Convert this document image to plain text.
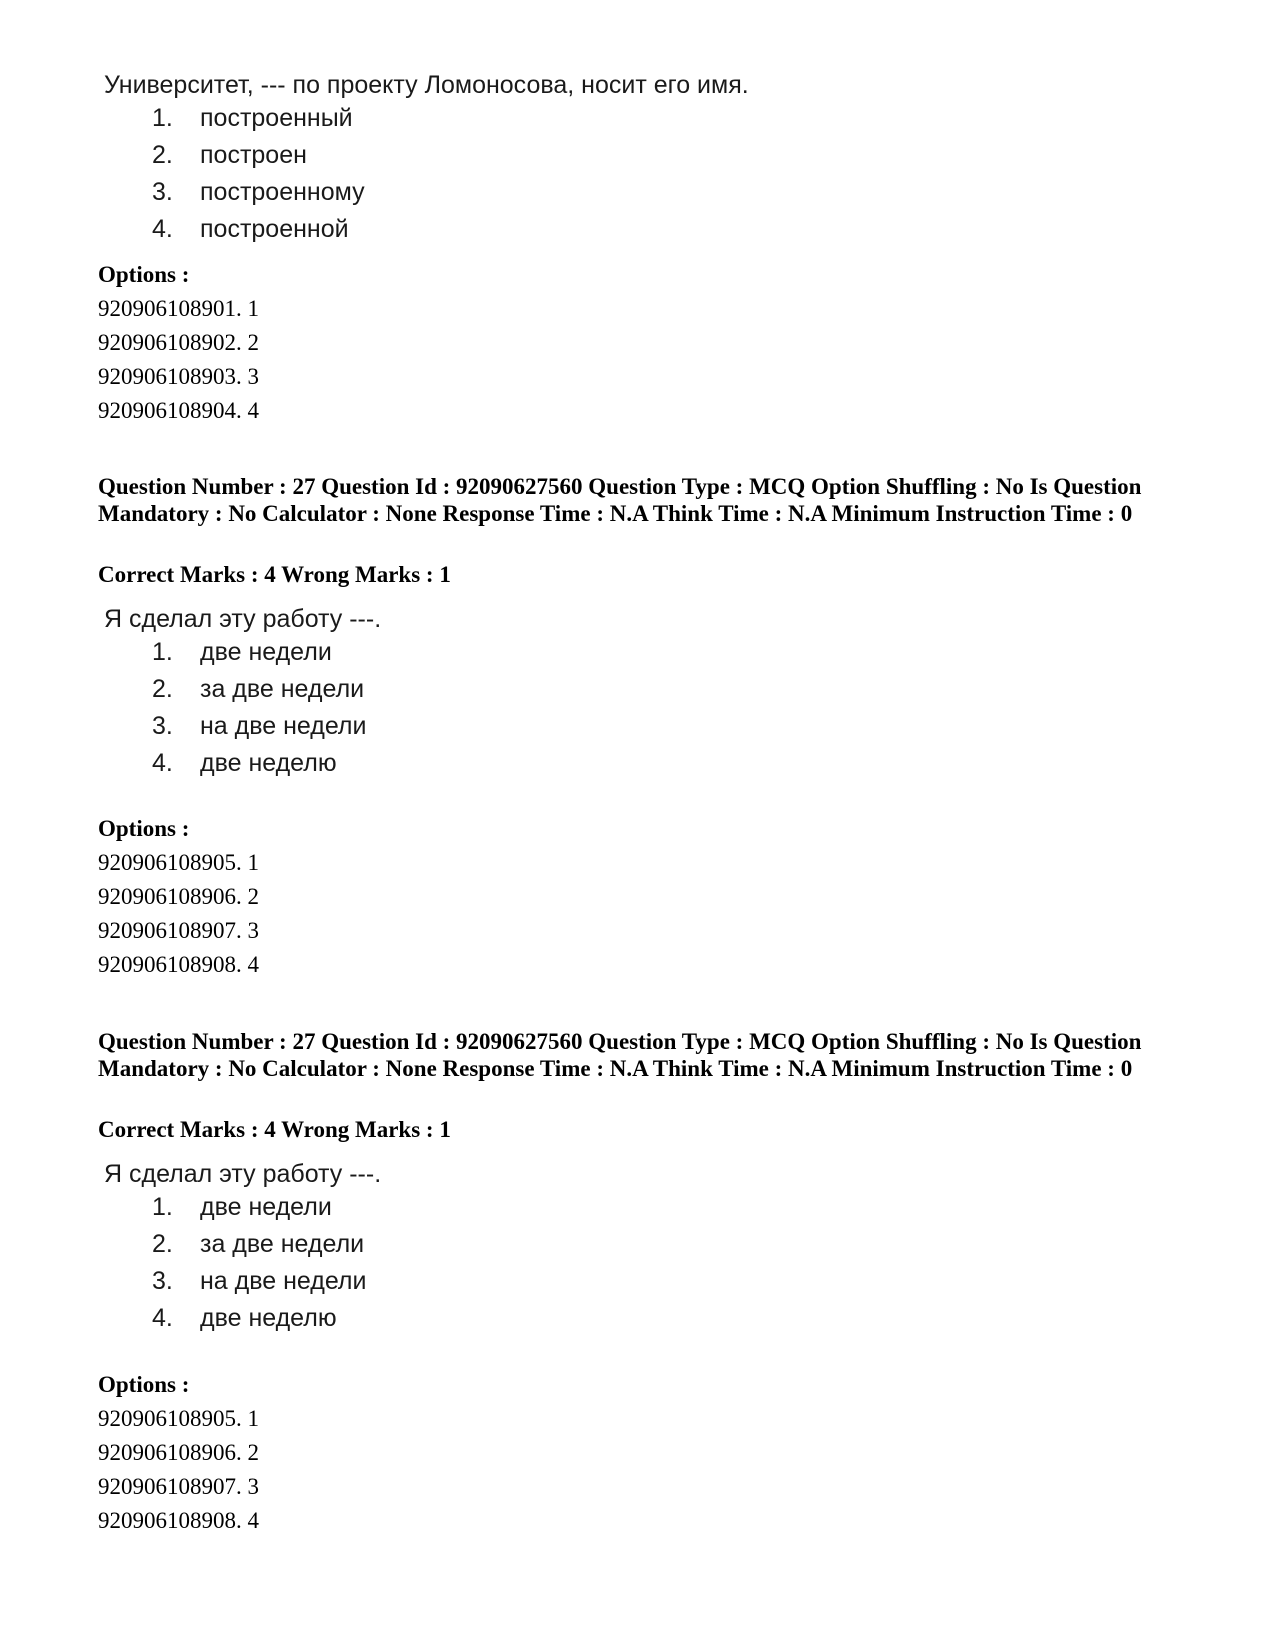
Университет, --- по проекту Ломоносова, носит его имя.

1.	построенный
2.	построен
3.	построенному
4.	построенной
Options :
920906108901. 1
920906108902. 2
920906108903. 3
920906108904. 4
Question Number : 27 Question Id : 92090627560 Question Type : MCQ Option Shuffling : No Is Question Mandatory : No Calculator : None Response Time : N.A Think Time : N.A Minimum Instruction Time : 0
Correct Marks : 4 Wrong Marks : 1

Я сделал эту работу ---.

1.	две недели
2.	за две недели
3.	на две недели
4.	две неделю
Options :
920906108905. 1
920906108906. 2
920906108907. 3
920906108908. 4
Question Number : 27 Question Id : 92090627560 Question Type : MCQ Option Shuffling : No Is Question Mandatory : No Calculator : None Response Time : N.A Think Time : N.A Minimum Instruction Time : 0
Correct Marks : 4 Wrong Marks : 1

Я сделал эту работу ---.

1.	две недели
2.	за две недели
3.	на две недели
4.	две неделю
Options :
920906108905. 1
920906108906. 2
920906108907. 3
920906108908. 4
